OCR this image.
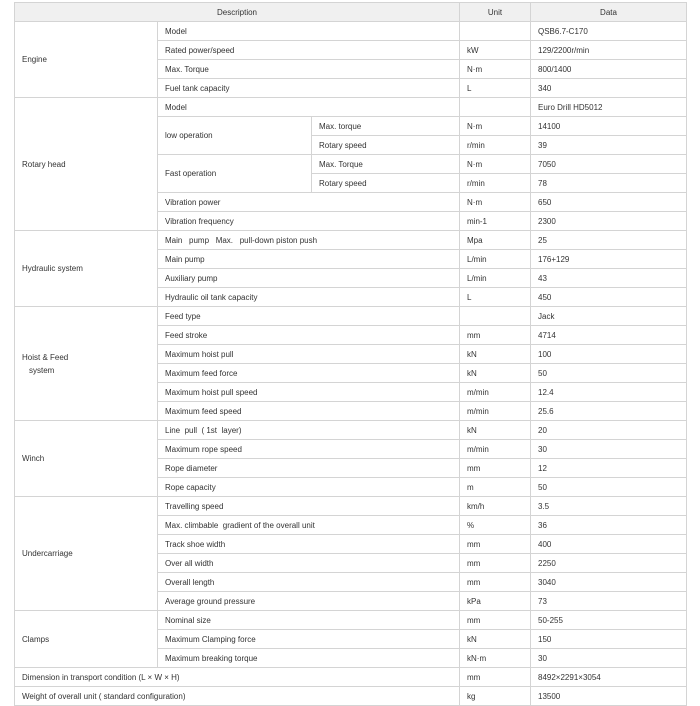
Description			Unit	Data
Engine	Model			QSB6.7-C170
	Rated power/speed		kW	129/2200r/min
	Max. Torque		N·m	800/1400
	Fuel tank capacity		L	340
Rotary head	Model			Euro Drill HD5012
	low operation	Max. torque	N·m	14100
		Rotary speed	r/min	39
	Fast operation	Max. Torque	N·m	7050
		Rotary speed	r/min	78
	Vibration power		N·m	650
	Vibration frequency		min-1	2300
Hydraulic system	Main   pump   Max.   pull-down piston push		Mpa	25
	Main pump		L/min	176+129
	Auxiliary pump		L/min	43
	Hydraulic oil tank capacity		L	450

Hoist & Feed
system	Feed type			Jack
	Feed stroke		mm	4714
	Maximum hoist pull		kN	100
	Maximum feed force		kN	50
	Maximum hoist pull speed		m/min	12.4
	Maximum feed speed		m/min	25.6
Winch	Line  pull  ( 1st  layer)		kN	20
	Maximum rope speed		m/min	30
	Rope diameter		mm	12
	Rope capacity		m	50
Undercarriage	Travelling speed		km/h	3.5
	Max. climbable  gradient of the overall unit		%	36
	Track shoe width		mm	400
	Over all width		mm	2250
	Overall length		mm	3040
	Average ground pressure		kPa	73
Clamps	Nominal size		mm	50-255
	Maximum Clamping force		kN	150
	Maximum breaking torque		kN·m	30
Dimension in transport condition (L × W × H)			mm	8492×2291×3054
Weight of overall unit ( standard configuration)			kg	13500
